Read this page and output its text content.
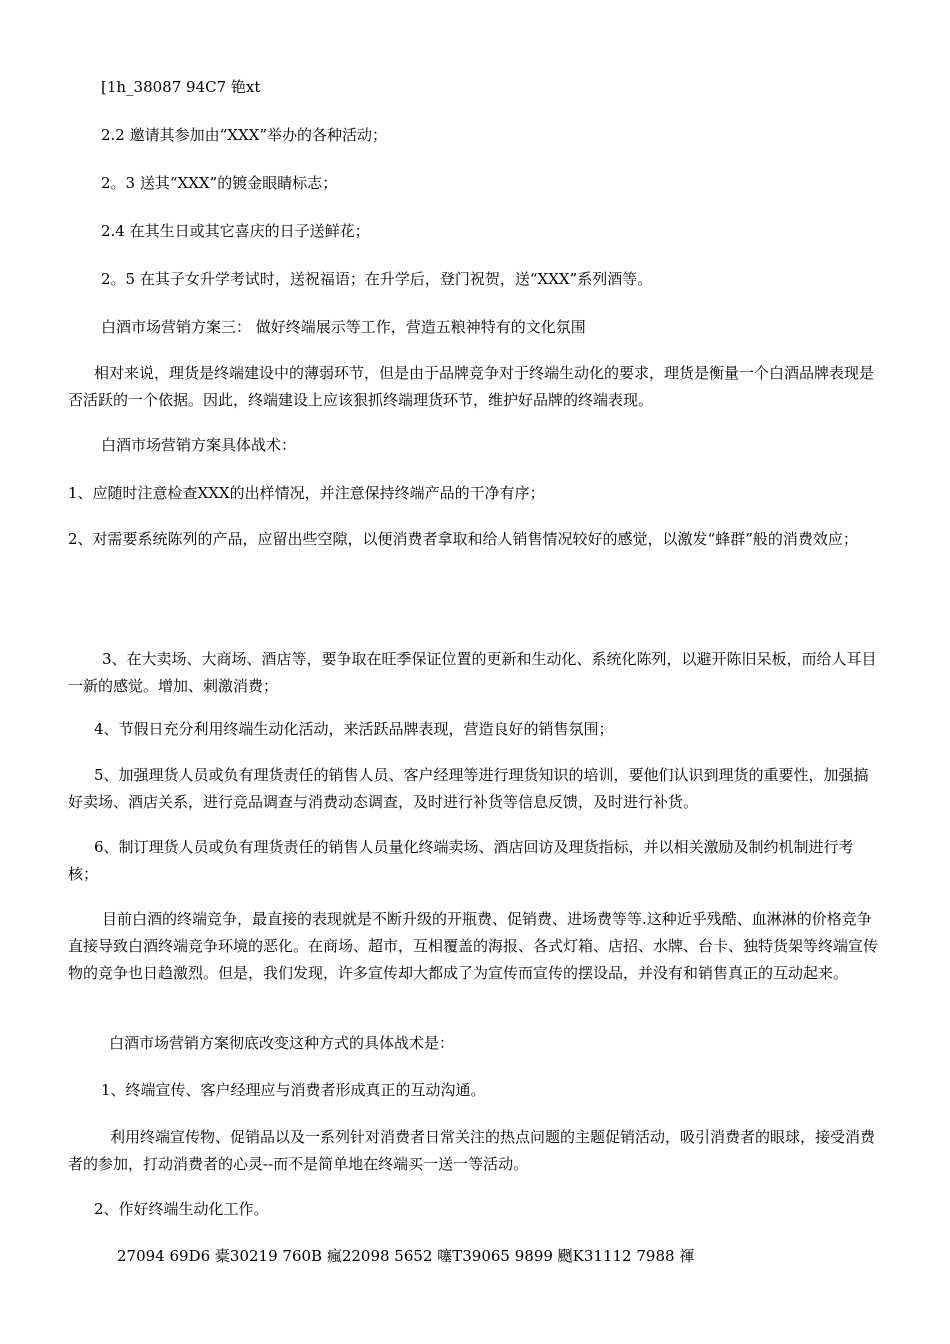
[1h_38087 94C7 铯xt

2.2 邀请其参加由“XXX”举办的各种活动；

2。3 送其“XXX”的镀金眼睛标志；

2.4 在其生日或其它喜庆的日子送鲜花；

2。5 在其子女升学考试时，送祝福语；在升学后，登门祝贺，送“XXX”系列酒等。

白酒市场营销方案三： 做好终端展示等工作，营造五粮神特有的文化氛围

相对来说，理货是终端建设中的薄弱环节，但是由于品牌竞争对于终端生动化的要求，理货是衡量一个白酒品牌表现是否活跃的一个依据。因此，终端建设上应该狠抓终端理货环节，维护好品牌的终端表现。

白酒市场营销方案具体战术：

1、应随时注意检查XXX的出样情况，并注意保持终端产品的干净有序；

2、对需要系统陈列的产品，应留出些空隙，以便消费者拿取和给人销售情况较好的感觉，以激发“蜂群”般的消费效应；

3、在大卖场、大商场、酒店等，要争取在旺季保证位置的更新和生动化、系统化陈列，以避开陈旧呆板，而给人耳目一新的感觉。增加、刺激消费；

4、节假日充分利用终端生动化活动，来活跃品牌表现，营造良好的销售氛围；

5、加强理货人员或负有理货责任的销售人员、客户经理等进行理货知识的培训，要他们认识到理货的重要性，加强搞好卖场、酒店关系，进行竞品调查与消费动态调查，及时进行补货等信息反馈，及时进行补货。

6、制订理货人员或负有理货责任的销售人员量化终端卖场、酒店回访及理货指标，并以相关激励及制约机制进行考核；

目前白酒的终端竞争，最直接的表现就是不断升级的开瓶费、促销费、进场费等等.这种近乎残酷、血淋淋的价格竞争直接导致白酒终端竞争环境的恶化。在商场、超市，互相覆盖的海报、各式灯箱、店招、水牌、台卡、独特货架等终端宣传物的竞争也日趋激烈。但是，我们发现，许多宣传却大都成了为宣传而宣传的摆设品，并没有和销售真正的互动起来。

白酒市场营销方案彻底改变这种方式的具体战术是：

1、终端宣传、客户经理应与消费者形成真正的互动沟通。

利用终端宣传物、促销品以及一系列针对消费者日常关注的热点问题的主题促销活动，吸引消费者的眼球，接受消费者的参加，打动消费者的心灵--而不是简单地在终端买一送一等活动。

2、作好终端生动化工作。

27094 69D6 橐30219 760B 瘋22098 5652 噻T39065 9899 颲K31112 7988 禈
